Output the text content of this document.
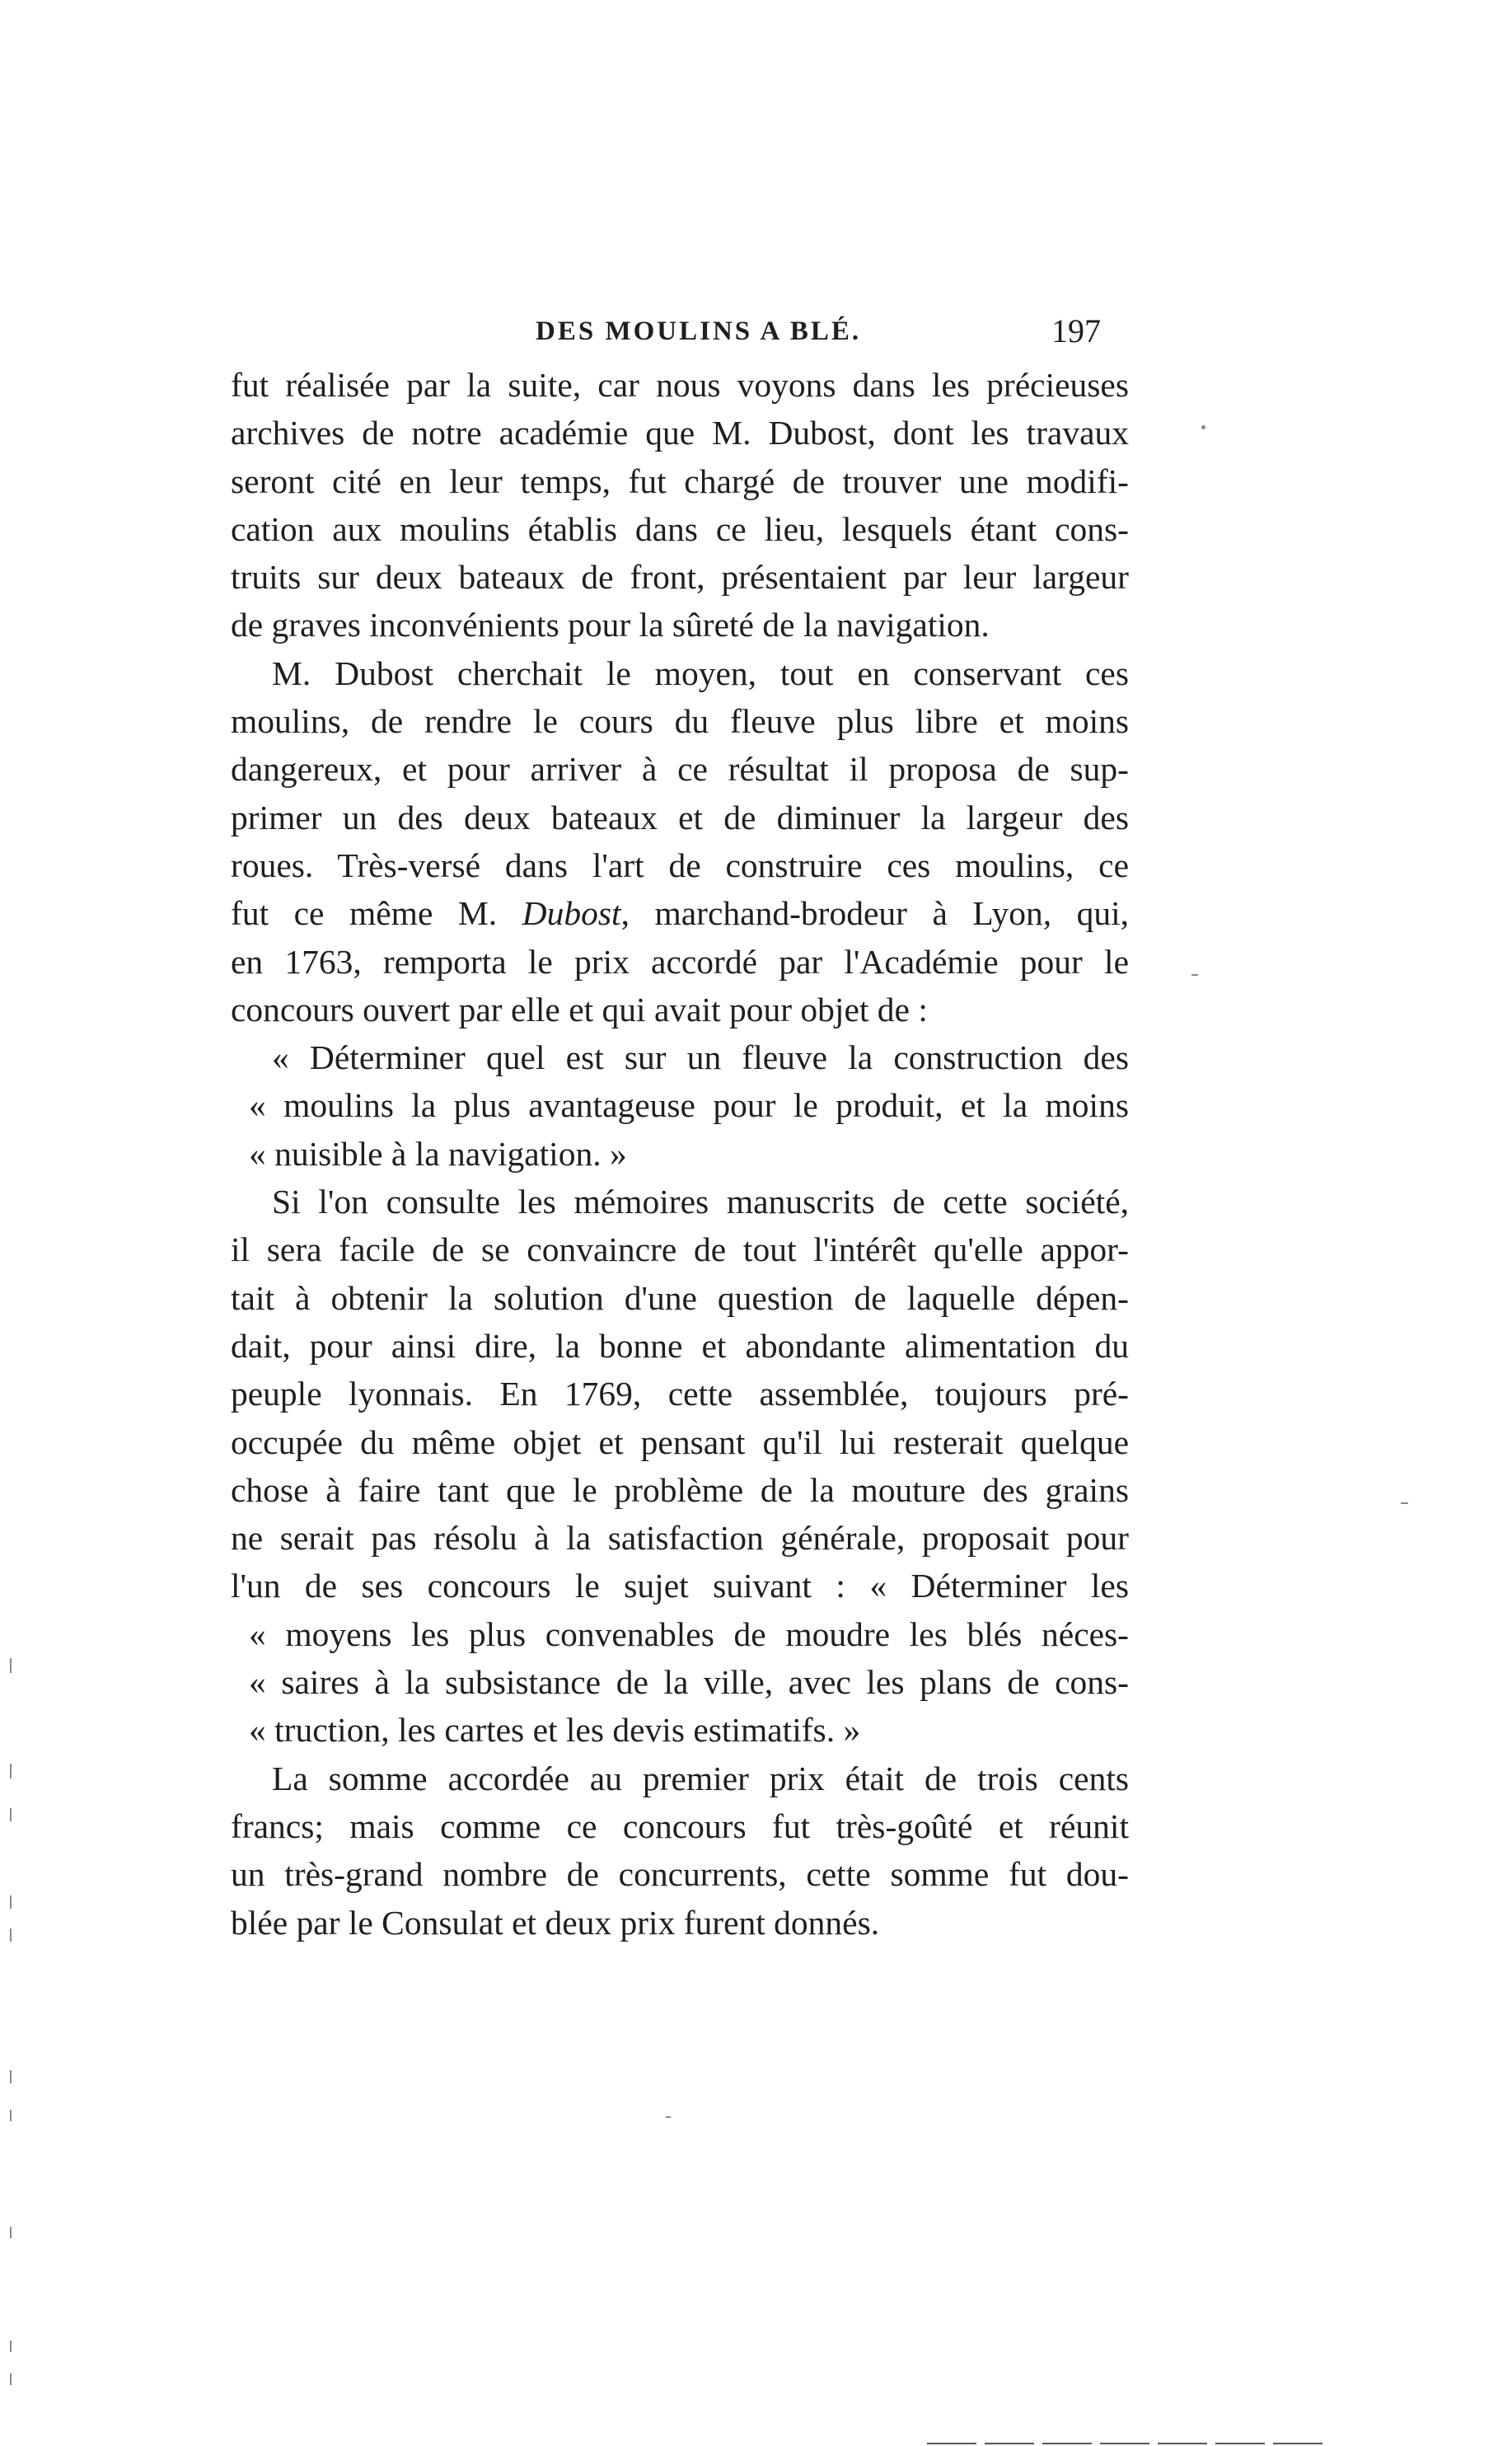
DES MOULINS A BLÉ.	197
fut réalisée par la suite, car nous voyons dans les précieuses
archives de notre académie que M. Dubost, dont les travaux
seront cité en leur temps, fut chargé de trouver une modifi-
cation aux moulins établis dans ce lieu, lesquels étant cons-
truits sur deux bateaux de front, présentaient par leur largeur
de graves inconvénients pour la sûreté de la navigation.
M. Dubost cherchait le moyen, tout en conservant ces
moulins, de rendre le cours du fleuve plus libre et moins
dangereux, et pour arriver à ce résultat il proposa de sup-
primer un des deux bateaux et de diminuer la largeur des
roues. Très-versé dans l'art de construire ces moulins, ce
fut ce même M. Dubost, marchand-brodeur à Lyon, qui,
en 1763, remporta le prix accordé par l'Académie pour le
concours ouvert par elle et qui avait pour objet de :
« Déterminer quel est sur un fleuve la construction des
« moulins la plus avantageuse pour le produit, et la moins
« nuisible à la navigation. »
Si l'on consulte les mémoires manuscrits de cette société,
il sera facile de se convaincre de tout l'intérêt qu'elle appor-
tait à obtenir la solution d'une question de laquelle dépen-
dait, pour ainsi dire, la bonne et abondante alimentation du
peuple lyonnais. En 1769, cette assemblée, toujours pré-
occupée du même objet et pensant qu'il lui resterait quelque
chose à faire tant que le problème de la mouture des grains
ne serait pas résolu à la satisfaction générale, proposait pour
l'un de ses concours le sujet suivant : « Déterminer les
« moyens les plus convenables de moudre les blés néces-
« saires à la subsistance de la ville, avec les plans de cons-
« truction, les cartes et les devis estimatifs. »
La somme accordée au premier prix était de trois cents
francs; mais comme ce concours fut très-goûté et réunit
un très-grand nombre de concurrents, cette somme fut dou-
blée par le Consulat et deux prix furent donnés.
